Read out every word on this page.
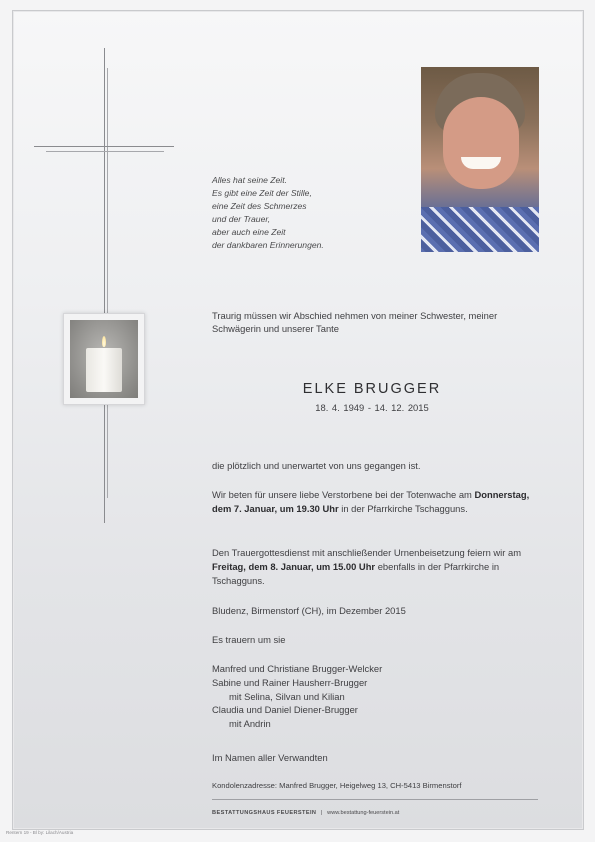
Alles hat seine Zeit.
Es gibt eine Zeit der Stille,
eine Zeit des Schmerzes
und der Trauer,
aber auch eine Zeit
der dankbaren Erinnerungen.
Traurig müssen wir Abschied nehmen von meiner Schwester, meiner Schwägerin und unserer Tante
ELKE BRUGGER
18. 4. 1949 - 14. 12. 2015
die plötzlich und unerwartet von uns gegangen ist.
Wir beten für unsere liebe Verstorbene bei der Totenwache am Donnerstag, dem 7. Januar, um 19.30 Uhr in der Pfarrkirche Tschagguns.
Den Trauergottesdienst mit anschließender Urnenbeisetzung feiern wir am Freitag, dem 8. Januar, um 15.00 Uhr ebenfalls in der Pfarrkirche in Tschagguns.
Bludenz, Birmenstorf (CH), im Dezember 2015
Es trauern um sie
Manfred und Christiane Brugger-Welcker
Sabine und Rainer Hausherr-Brugger
mit Selina, Silvan und Kilian
Claudia und Daniel Diener-Brugger
mit Andrin
Im Namen aller Verwandten
Kondolenzadresse: Manfred Brugger, Heigelweg 13, CH-5413 Birmenstorf
BESTATTUNGSHAUS FEUERSTEIN | www.bestattung-feuerstein.at
Rentern 19 - Bl by: Lilach/Austria
